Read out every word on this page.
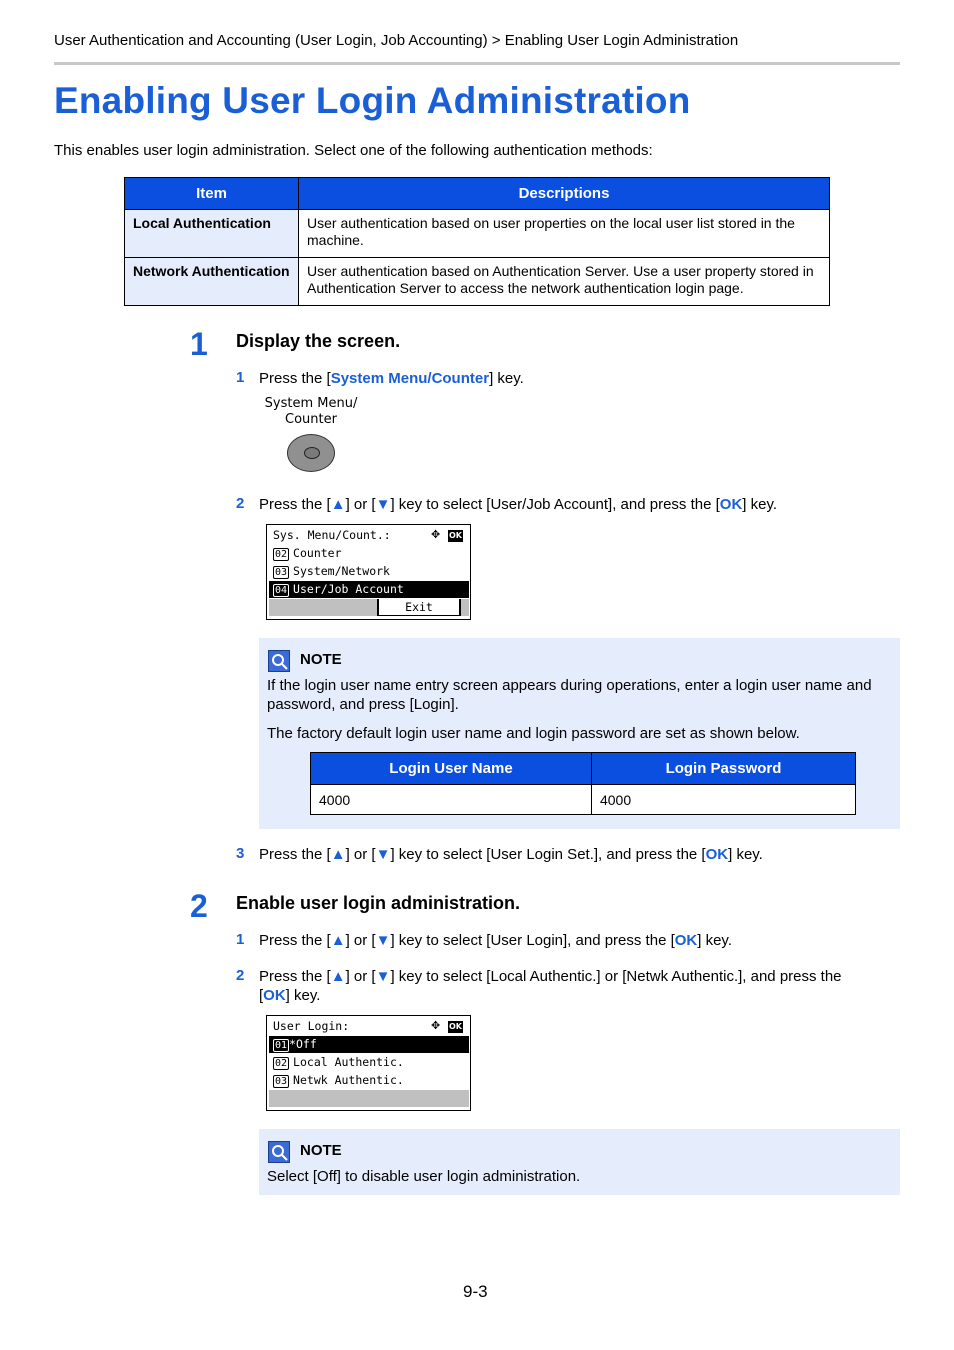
User Authentication and Accounting (User Login, Job Accounting) > Enabling User Login Administration
Enabling User Login Administration
This enables user login administration. Select one of the following authentication methods:
Item	Descriptions
Local Authentication	User authentication based on user properties on the local user list stored in the machine.
Network Authentication	User authentication based on Authentication Server. Use a user property stored in Authentication Server to access the network authentication login page.
1 Display the screen.
1 Press the [System Menu/Counter] key.
System Menu/
Counter
2 Press the [▲] or [▼] key to select [User/Job Account], and press the [OK] key.
Sys. Menu/Count.:	✥ OK
02 Counter
03 System/Network
04 User/Job Account
Exit
NOTE
If the login user name entry screen appears during operations, enter a login user name and password, and press [Login].
The factory default login user name and login password are set as shown below.
Login User Name	Login Password
4000	4000
3 Press the [▲] or [▼] key to select [User Login Set.], and press the [OK] key.
2 Enable user login administration.
1 Press the [▲] or [▼] key to select [User Login], and press the [OK] key.
2 Press the [▲] or [▼] key to select [Local Authentic.] or [Netwk Authentic.], and press the
[OK] key.
User Login:	✥ OK
01 *Off
02 Local Authentic.
03 Netwk Authentic.
NOTE
Select [Off] to disable user login administration.
9-3
